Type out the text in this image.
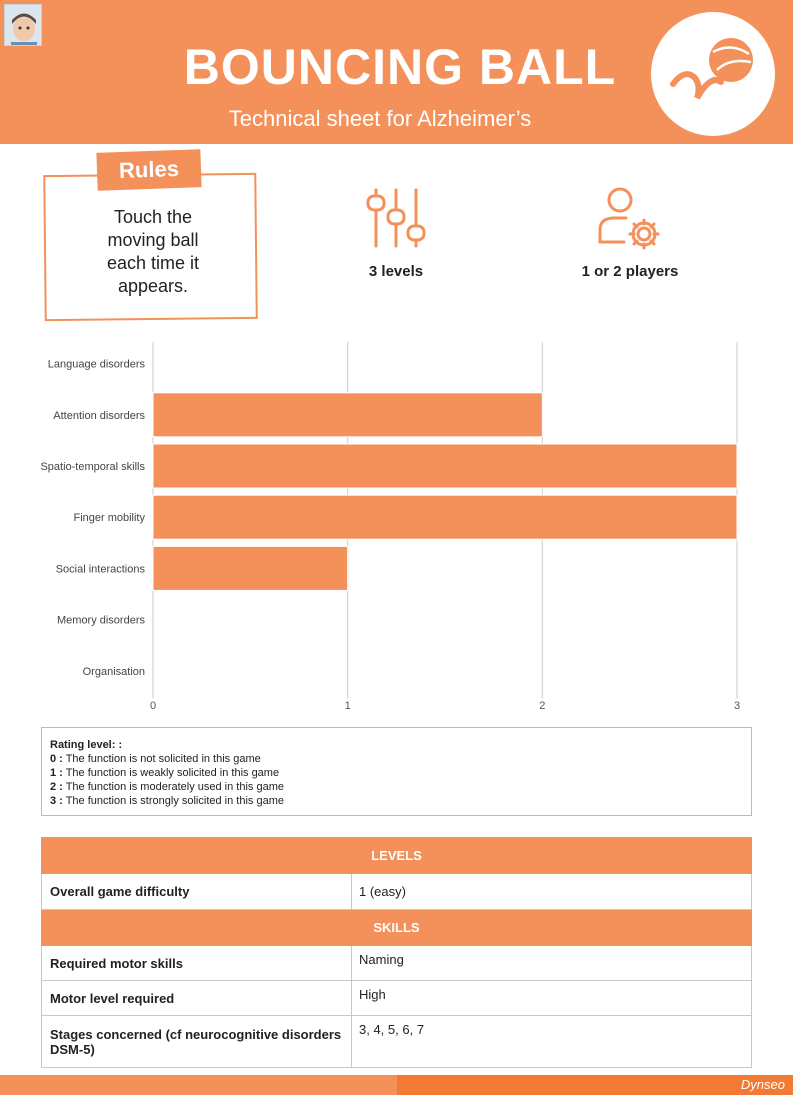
BOUNCING BALL
Technical sheet for Alzheimer’s
Rules
Touch the moving ball each time it appears.
3 levels	1 or 2 players
0	1	2	3
Language disorders
Attention disorders
Spatio-temporal skills
Finger mobility
Social interactions
Memory disorders
Organisation
Rating level: :
0 : The function is not solicited in this game
1 : The function is weakly solicited in this game
2 : The function is moderately used in this game
3 : The function is strongly solicited in this game
LEVELS	
Overall game difficulty	1 (easy)
SKILLS	
Required motor skills	Naming
Motor level required	High
Stages concerned (cf neurocognitive disorders DSM-5)	3, 4, 5, 6, 7
Dynseo
